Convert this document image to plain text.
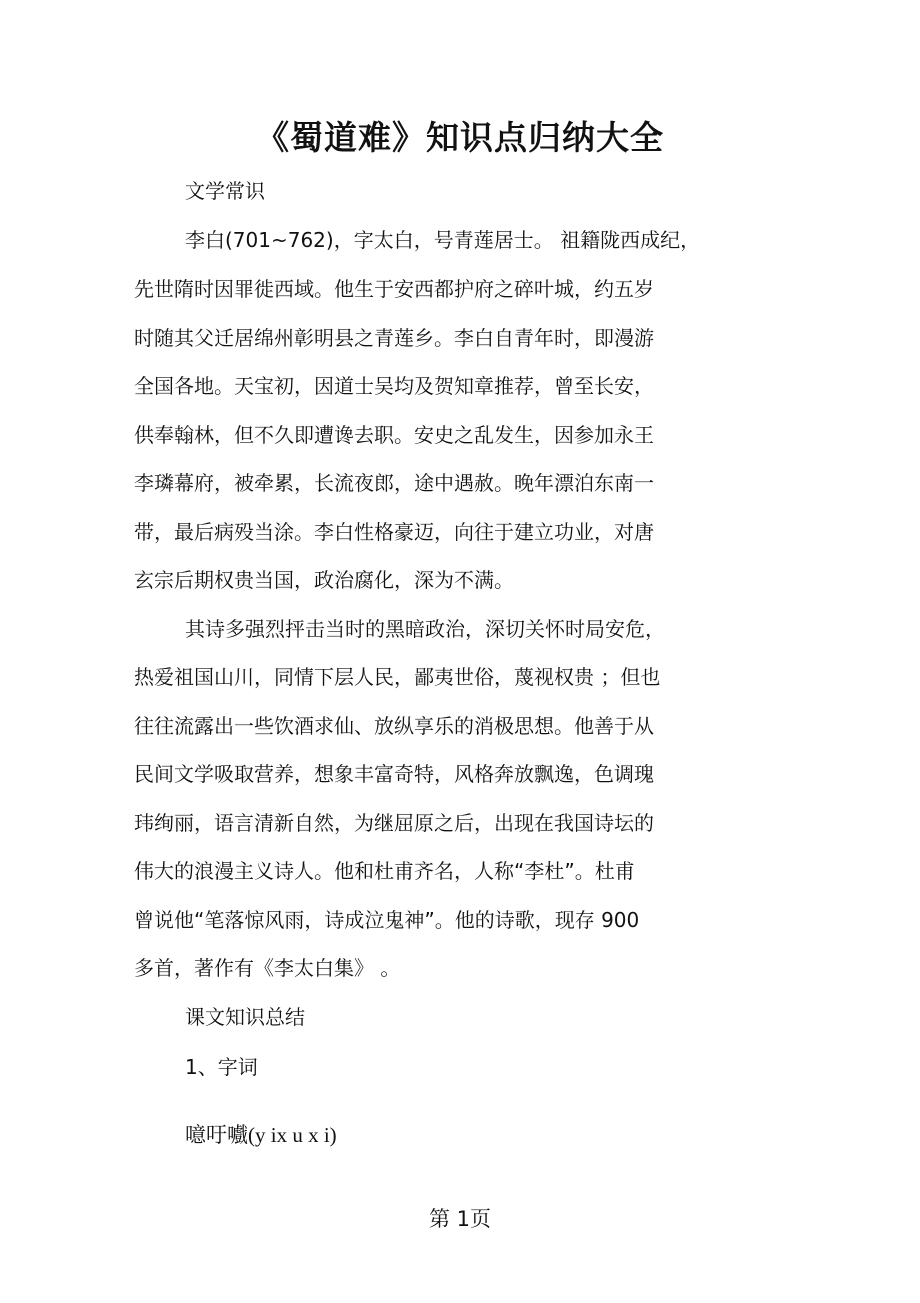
《蜀道难》知识点归纳大全

文学常识

李白(701~762)，字太白，号青莲居士。 祖籍陇西成纪，

先世隋时因罪徙西域。他生于安西都护府之碎叶城，约五岁

时随其父迁居绵州彰明县之青莲乡。李白自青年时，即漫游

全国各地。天宝初，因道士吴均及贺知章推荐，曾至长安，

供奉翰林，但不久即遭谗去职。安史之乱发生，因参加永王

李璘幕府，被牵累，长流夜郎，途中遇赦。晚年漂泊东南一

带，最后病殁当涂。李白性格豪迈，向往于建立功业，对唐

玄宗后期权贵当国，政治腐化，深为不满。

其诗多强烈抨击当时的黑暗政治，深切关怀时局安危，

热爱祖国山川，同情下层人民，鄙夷世俗，蔑视权贵 ；但也

往往流露出一些饮酒求仙、放纵享乐的消极思想。他善于从

民间文学吸取营养，想象丰富奇特，风格奔放飘逸，色调瑰

玮绚丽，语言清新自然，为继屈原之后，出现在我国诗坛的

伟大的浪漫主义诗人。他和杜甫齐名，人称“李杜”。杜甫

曾说他“笔落惊风雨，诗成泣鬼神”。他的诗歌，现存 900

多首，著作有《李太白集》 。

课文知识总结

1、字词

噫吁嚱(y ix u x i)

第 1页
